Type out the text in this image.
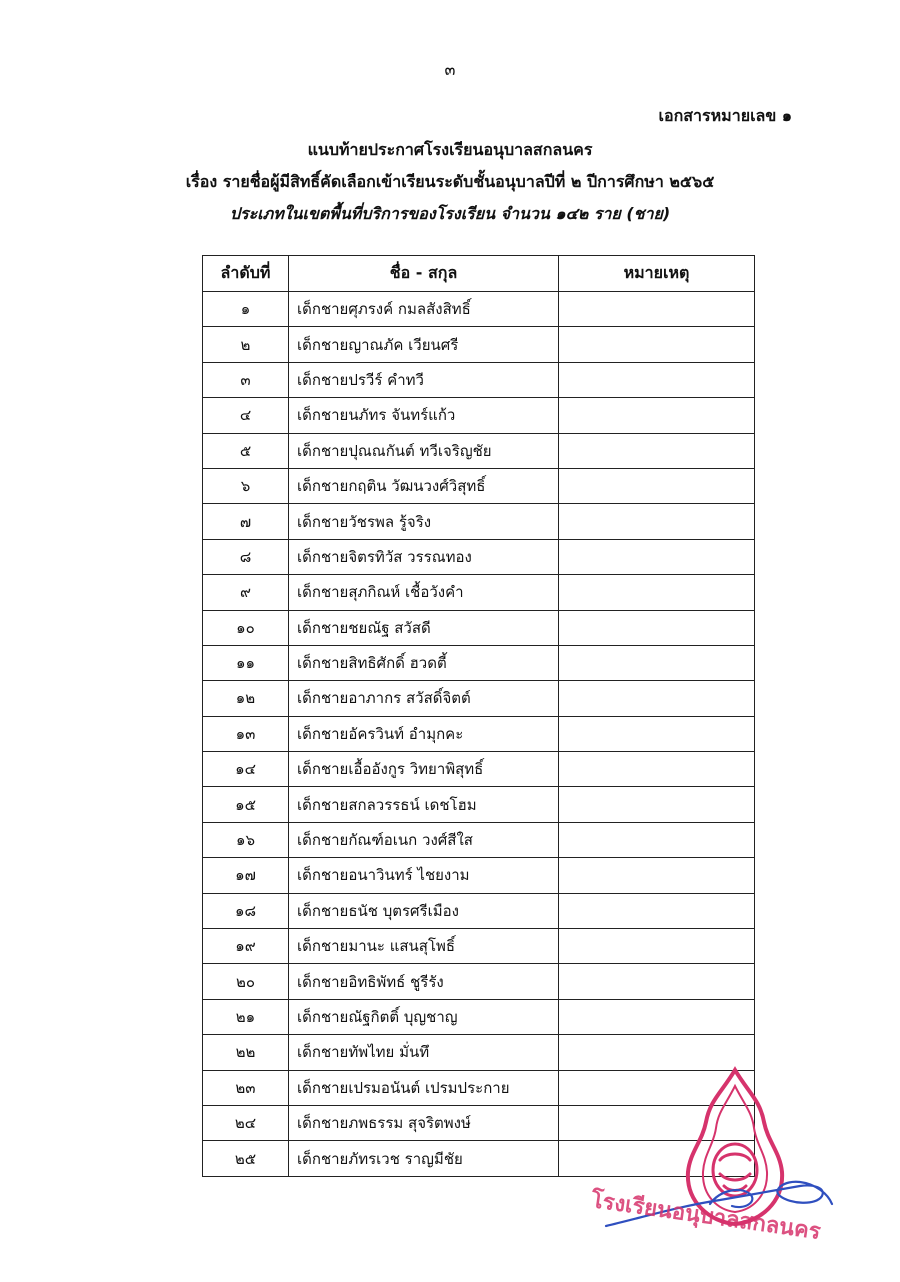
๓
เอกสารหมายเลข ๑
แนบท้ายประกาศโรงเรียนอนุบาลสกลนคร
เรื่อง รายชื่อผู้มีสิทธิ์คัดเลือกเข้าเรียนระดับชั้นอนุบาลปีที่ ๒ ปีการศึกษา ๒๕๖๕
ประเภทในเขตพื้นที่บริการของโรงเรียน จำนวน ๑๔๒ ราย (ชาย)
ลำดับที่	ชื่อ - สกุล	หมายเหตุ
๑	เด็กชายศุภรงค์ กมลสังสิทธิ์	
๒	เด็กชายญาณภัค เวียนศรี	
๓	เด็กชายปรวีร์ คำทวี	
๔	เด็กชายนภัทร จันทร์แก้ว	
๕	เด็กชายปุณณกันต์ ทวีเจริญชัย	
๖	เด็กชายกฤติน วัฒนวงศ์วิสุทธิ์	
๗	เด็กชายวัชรพล รู้จริง	
๘	เด็กชายจิตรทิวัส วรรณทอง	
๙	เด็กชายสุภกิณห์ เชื้อวังคำ	
๑๐	เด็กชายชยณัฐ สวัสดี	
๑๑	เด็กชายสิทธิศักดิ์ ฮวดตี้	
๑๒	เด็กชายอาภากร สวัสดิ์จิตต์	
๑๓	เด็กชายอัครวินท์ อำมุกคะ	
๑๔	เด็กชายเอื้ออังกูร วิทยาพิสุทธิ์	
๑๕	เด็กชายสกลวรรธน์ เดชโฮม	
๑๖	เด็กชายกัณฑ์อเนก วงศ์สีใส	
๑๗	เด็กชายอนาวินทร์ ไชยงาม	
๑๘	เด็กชายธนัช บุตรศรีเมือง	
๑๙	เด็กชายมานะ แสนสุโพธิ์	
๒๐	เด็กชายอิทธิพัทธ์ ชูรีรัง	
๒๑	เด็กชายณัฐกิตติ์ บุญชาญ	
๒๒	เด็กชายทัพไทย มั่นทึ	
๒๓	เด็กชายเปรมอนันต์ เปรมประกาย	
๒๔	เด็กชายภพธรรม สุจริตพงษ์	
๒๕	เด็กชายภัทรเวช ราญมีชัย	
โรงเรียนอนุบาลสกลนคร
